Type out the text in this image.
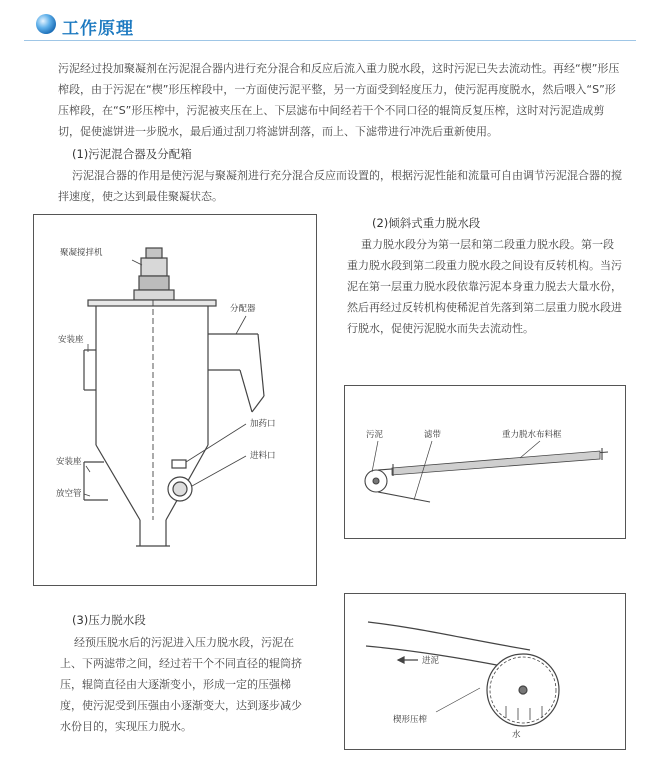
工作原理

污泥经过投加聚凝剂在污泥混合器内进行充分混合和反应后流入重力脱水段，这时污泥已失去流动性。再经“楔”形压榨段，由于污泥在“楔”形压榨段中，一方面使污泥平整，另一方面受到轻度压力，使污泥再度脱水，然后喂入“S”形压榨段，在“S”形压榨中，污泥被夹压在上、下层滤布中间经若干个不同口径的辊筒反复压榨，这时对污泥造成剪切，促使滤饼进一步脱水，最后通过刮刀将滤饼刮落，而上、下滤带进行冲洗后重新使用。

(1)污泥混合器及分配箱

污泥混合器的作用是使污泥与聚凝剂进行充分混合反应而设置的，根据污泥性能和流量可自由调节污泥混合器的搅拌速度，使之达到最佳聚凝状态。

聚凝搅拌机
安装座
分配器
加药口
进料口
安装座
放空管
(2)倾斜式重力脱水段

重力脱水段分为第一层和第二段重力脱水段。第一段重力脱水段到第二段重力脱水段之间设有反转机构。当污泥在第一层重力脱水段依靠污泥本身重力脱去大量水份，然后再经过反转机构使稀泥首先落到第二层重力脱水段进行脱水，促使污泥脱水而失去流动性。

污泥	滤带	重力脱水布料框
(3)压力脱水段

经预压脱水后的污泥进入压力脱水段，污泥在上、下两滤带之间，经过若干个不同直径的辊筒挤压，辊筒直径由大逐渐变小，形成一定的压强梯度，使污泥受到压强由小逐渐变大，达到逐步减少水份目的，实现压力脱水。

进泥
楔形压榨
水
